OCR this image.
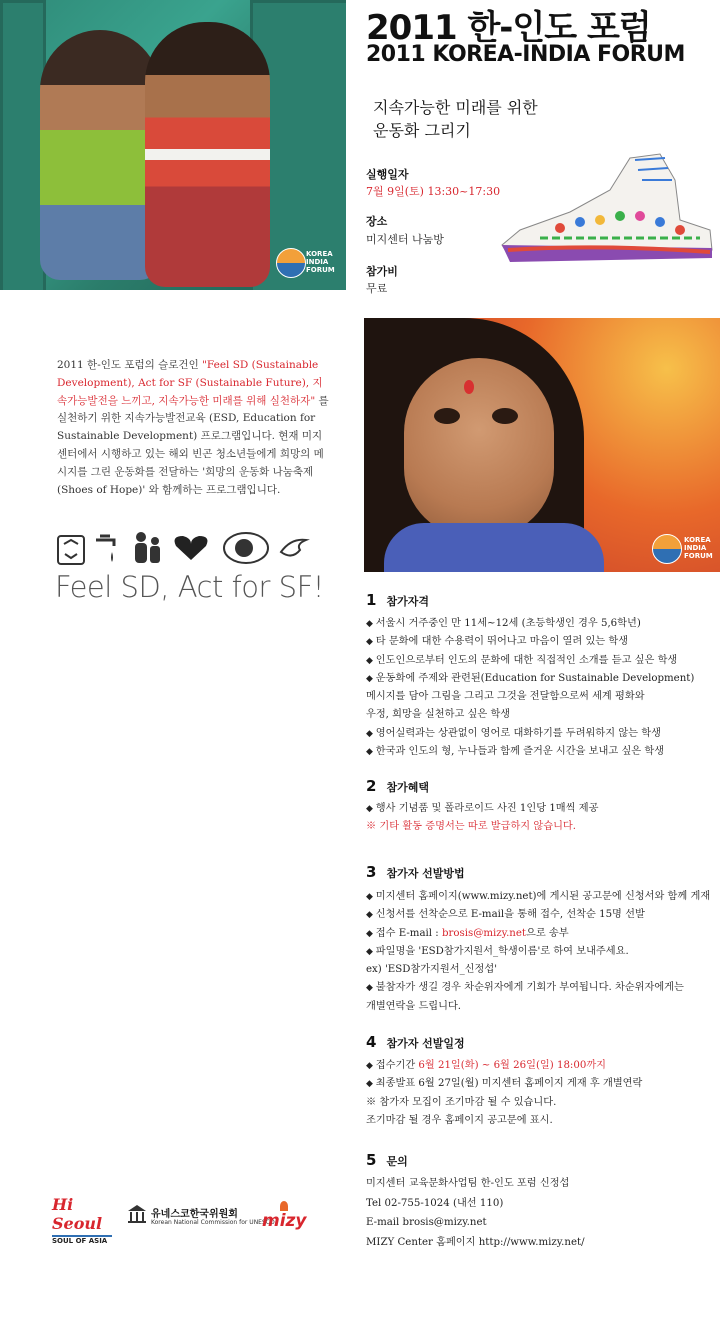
KOREA
INDIA
FORUM
2011 한-인도 포럼
2011 KOREA-INDIA FORUM
지속가능한 미래를 위한
운동화 그리기
실행일자
7월 9일(토) 13:30~17:30
장소
미지센터 나눔방
참가비
무료
KOREA
INDIA
FORUM
2011 한-인도 포럼의 슬로건인 "Feel SD (Sustainable Development), Act for SF (Sustainable Future), 지속가능발전을 느끼고, 지속가능한 미래를 위해 실천하자" 를 실천하기 위한 지속가능발전교육 (ESD, Education for Sustainable Development) 프로그램입니다. 현재 미지센터에서 시행하고 있는 해외 빈곤 청소년들에게 희망의 메시지를 그린 운동화를 전달하는 '희망의 운동화 나눔축제 (Shoes of Hope)' 와 함께하는 프로그램입니다.
Feel SD, Act for SF!	1 참가자격
◆ 서울시 거주중인 만 11세~12세 (초등학생인 경우 5,6학년)
◆ 타 문화에 대한 수용력이 뛰어나고 마음이 열려 있는 학생
◆ 인도인으로부터 인도의 문화에 대한 직접적인 소개를 듣고 싶은 학생
◆ 운동화에 주제와 관련된(Education for Sustainable Development)
메시지를 담아 그림을 그리고 그것을 전달함으로써 세계 평화와
우정, 희망을 실천하고 싶은 학생
◆ 영어실력과는 상관없이 영어로 대화하기를 두려워하지 않는 학생
◆ 한국과 인도의 형, 누나들과 함께 즐거운 시간을 보내고 싶은 학생
2 참가혜택
◆ 행사 기념품 및 폴라로이드 사진 1인당 1매씩 제공
※ 기타 활동 증명서는 따로 발급하지 않습니다.
3 참가자 선발방법
◆ 미지센터 홈페이지(www.mizy.net)에 게시된 공고문에 신청서와 함께 게재
◆ 신청서를 선착순으로 E-mail을 통해 접수, 선착순 15명 선발
◆ 접수 E-mail : brosis@mizy.net으로 송부
◆ 파일명을 'ESD참가지원서_학생이름'로 하여 보내주세요.
ex) 'ESD참가지원서_신정섭'
◆ 불참자가 생길 경우 차순위자에게 기회가 부여됩니다. 차순위자에게는
개별연락을 드립니다.
4 참가자 선발일정
◆ 접수기간 6월 21일(화) ~ 6월 26일(일) 18:00까지
◆ 최종발표 6월 27일(월) 미지센터 홈페이지 게재 후 개별연락
※ 참가자 모집이 조기마감 될 수 있습니다.
조기마감 될 경우 홈페이지 공고문에 표시.
5 문의
미지센터 교육문화사업팀 한-인도 포럼 신정섭
Tel 02-755-1024 (내선 110)
E-mail brosis@mizy.net
MIZY Center 홈페이지 http://www.mizy.net/
Hi Seoul
SOUL OF ASIA
유네스코한국위원회
Korean National Commission for UNESCO
mizy
